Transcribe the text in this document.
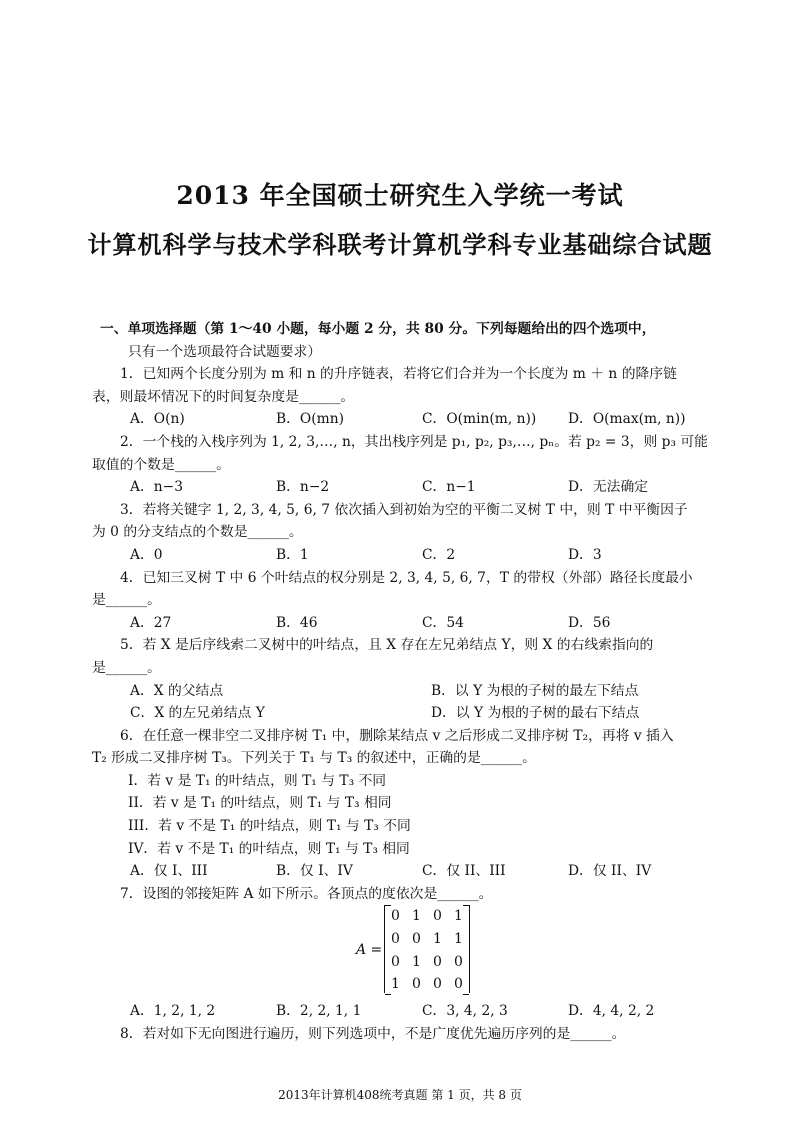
2013 年全国硕士研究生入学统一考试
计算机科学与技术学科联考计算机学科专业基础综合试题
一、单项选择题（第 1～40 小题，每小题 2 分，共 80 分。下列每题给出的四个选项中，
只有一个选项最符合试题要求）
1．已知两个长度分别为 m 和 n 的升序链表，若将它们合并为一个长度为 m ＋ n 的降序链
表，则最坏情况下的时间复杂度是______。
A．O(n)	B．O(mn)	C．O(min(m, n))	D．O(max(m, n))
2．一个栈的入栈序列为 1, 2, 3,…, n，其出栈序列是 p₁, p₂, p₃,…, pₙ。若 p₂ = 3，则 p₃ 可能
取值的个数是______。
A．n−3	B．n−2	C．n−1	D．无法确定
3．若将关键字 1, 2, 3, 4, 5, 6, 7 依次插入到初始为空的平衡二叉树 T 中，则 T 中平衡因子
为 0 的分支结点的个数是______。
A．0	B．1	C．2	D．3
4．已知三叉树 T 中 6 个叶结点的权分别是 2, 3, 4, 5, 6, 7，T 的带权（外部）路径长度最小
是______。
A．27	B．46	C．54	D．56
5．若 X 是后序线索二叉树中的叶结点，且 X 存在左兄弟结点 Y，则 X 的右线索指向的
是______。
A．X 的父结点	B．以 Y 为根的子树的最左下结点
C．X 的左兄弟结点 Y	D．以 Y 为根的子树的最右下结点
6．在任意一棵非空二叉排序树 T₁ 中，删除某结点 v 之后形成二叉排序树 T₂，再将 v 插入
T₂ 形成二叉排序树 T₃。下列关于 T₁ 与 T₃ 的叙述中，正确的是______。
I．若 v 是 T₁ 的叶结点，则 T₁ 与 T₃ 不同
II．若 v 是 T₁ 的叶结点，则 T₁ 与 T₃ 相同
III．若 v 不是 T₁ 的叶结点，则 T₁ 与 T₃ 不同
IV．若 v 不是 T₁ 的叶结点，则 T₁ 与 T₃ 相同
A．仅 I、III	B．仅 I、IV	C．仅 II、III	D．仅 II、IV
7．设图的邻接矩阵 A 如下所示。各顶点的度依次是______。
A =
0 1 0 1
0 0 1 1
0 1 0 0
1 0 0 0
A．1, 2, 1, 2	B．2, 2, 1, 1	C．3, 4, 2, 3	D．4, 4, 2, 2
8．若对如下无向图进行遍历，则下列选项中，不是广度优先遍历序列的是______。
2013年计算机408统考真题 第 1 页，共 8 页
